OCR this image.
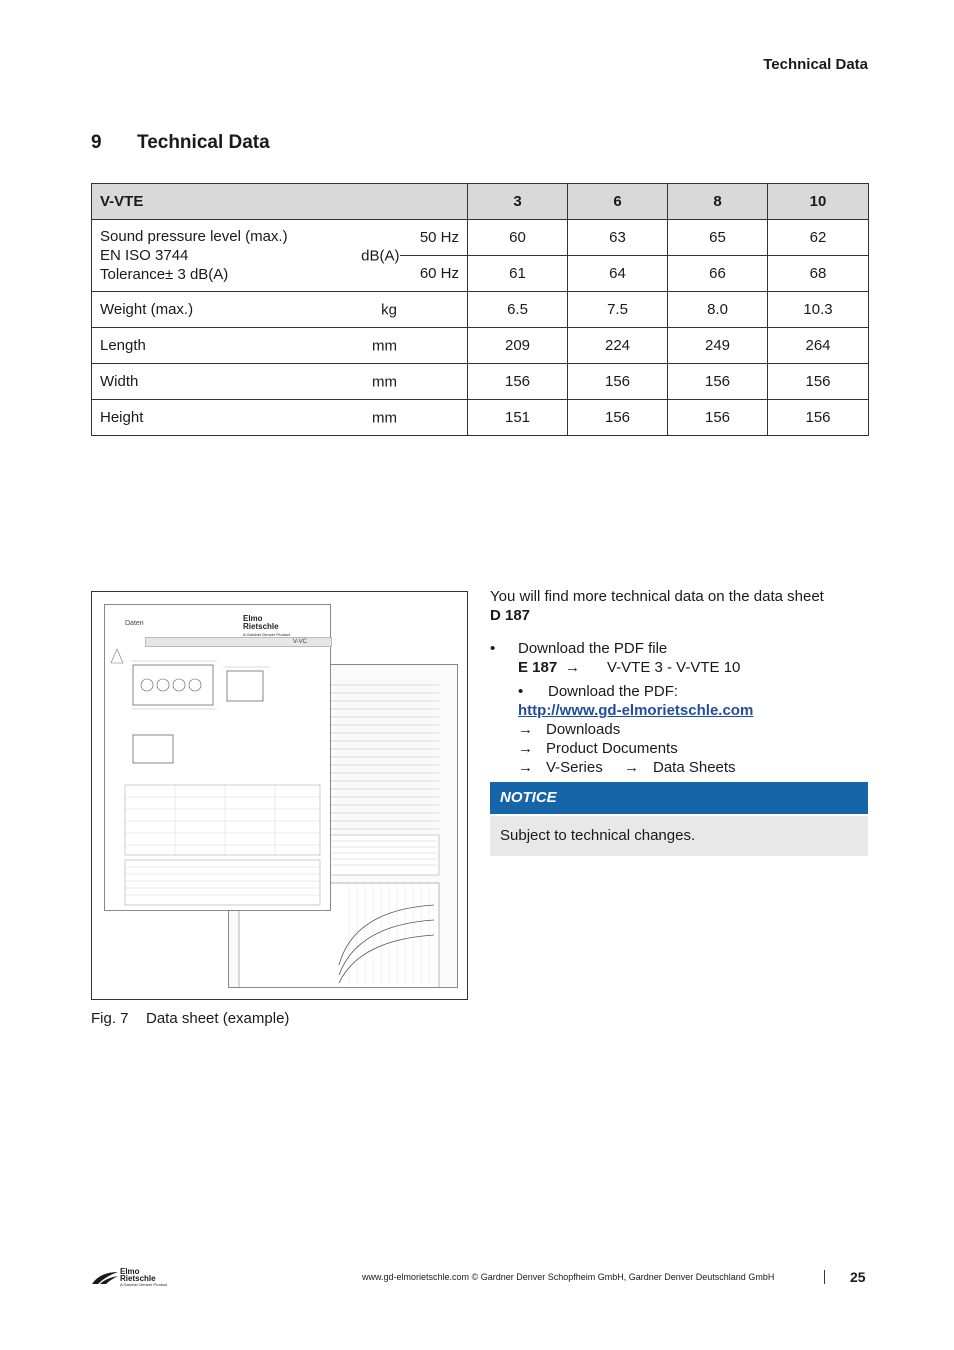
Technical Data
9 Technical Data
V-VTE		3	6	8	10

Sound pressure level (max.)
EN ISO 3744
Tolerance± 3 dB(A)
dB(A)	50 Hz	60	63	65	62
	60 Hz	61	64	66	68
Weight (max.) kg		6.5	7.5	8.0	10.3
Length mm		209	224	249	264
Width mm		156	156	156	156
Height mm		151	156	156	156
Daten
Elmo
Rietschle
A Gardner Denver Product
V-VC
Fig. 7 Data sheet (example)

You will find more technical data on the data sheet

D 187

• Download the PDF file
E 187 → V-VTE 3 - V-VTE 10
• Download the PDF:
http://www.gd-elmorietschle.com
→ Downloads
→ Product Documents
→ V-Series → Data Sheets
NOTICE
Subject to technical changes.
Elmo
Rietschle
A Gardner Denver Product
www.gd-elmorietschle.com © Gardner Denver Schopfheim GmbH, Gardner Denver Deutschland GmbH	25
